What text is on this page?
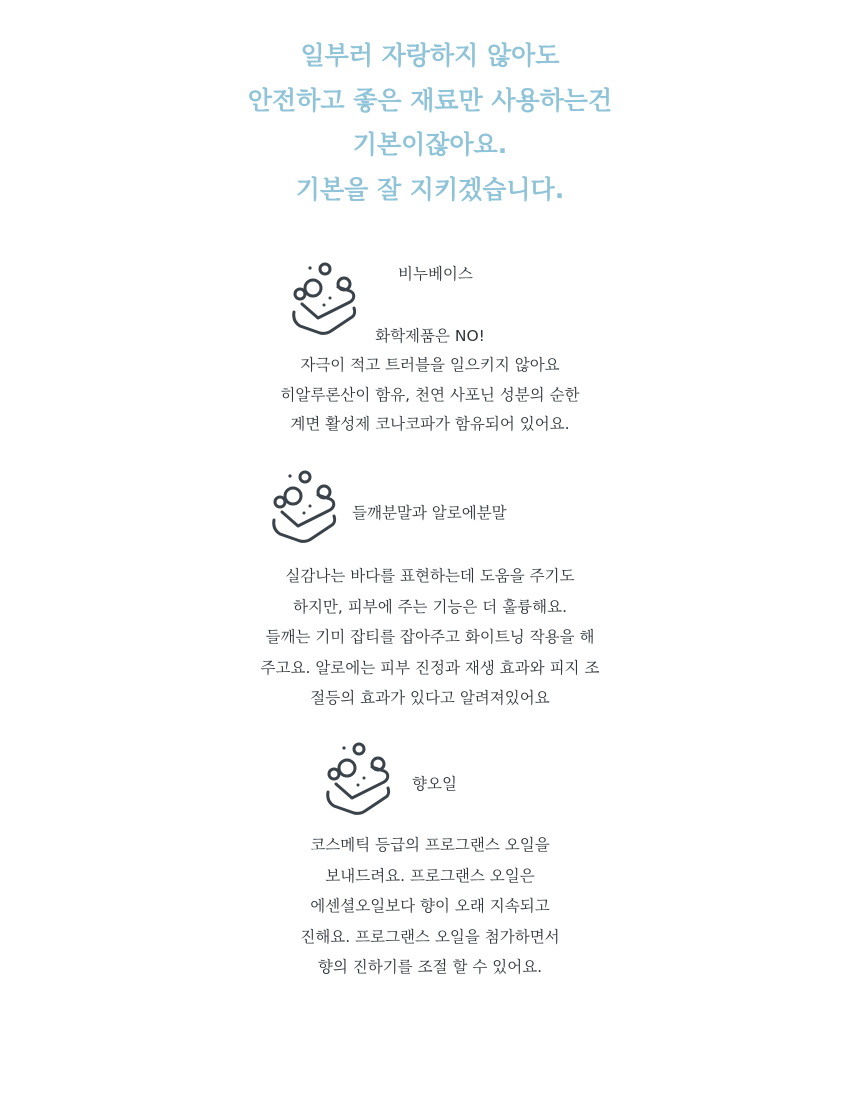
일부러 자랑하지 않아도
안전하고 좋은 재료만 사용하는건
기본이잖아요.
기본을 잘 지키겠습니다.
비누베이스
화학제품은 NO!
자극이 적고 트러블을 일으키지 않아요
히알루론산이 함유, 천연 사포닌 성분의 순한
계면 활성제 코나코파가 함유되어 있어요.
들깨분말과 알로에분말
실감나는 바다를 표현하는데 도움을 주기도
하지만, 피부에 주는 기능은 더 훌륭해요.
들깨는 기미 잡티를 잡아주고 화이트닝 작용을 해
주고요. 알로에는 피부 진정과 재생 효과와 피지 조
절등의 효과가 있다고 알려져있어요
향오일
코스메틱 등급의 프로그랜스 오일을
보내드려요. 프로그랜스 오일은
에센셜오일보다 향이 오래 지속되고
진해요. 프로그랜스 오일을 첨가하면서
향의 진하기를 조절 할 수 있어요.
